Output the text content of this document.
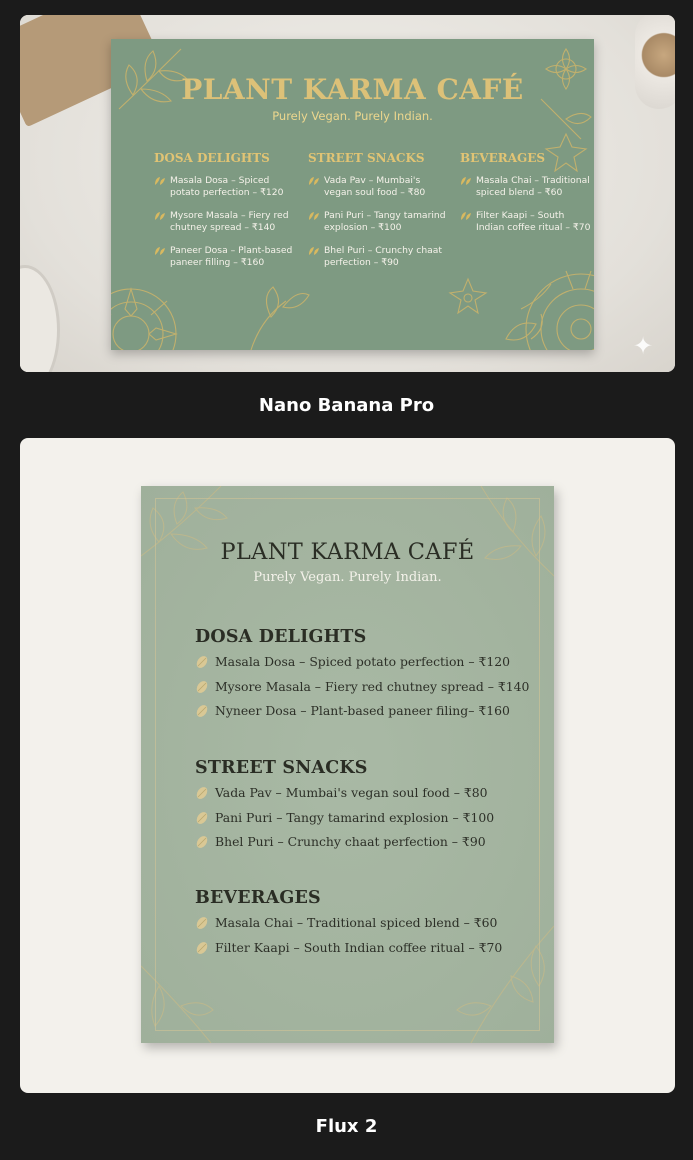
PLANT KARMA CAFÉ
Purely Vegan. Purely Indian.
DOSA DELIGHTS
Masala Dosa – Spiced
potato perfection – ₹120
Mysore Masala – Fiery red
chutney spread – ₹140
Paneer Dosa – Plant-based
paneer filling – ₹160
STREET SNACKS
Vada Pav – Mumbai's
vegan soul food – ₹80
Pani Puri – Tangy tamarind
explosion – ₹100
Bhel Puri – Crunchy chaat
perfection – ₹90
BEVERAGES
Masala Chai – Traditional
spiced blend – ₹60
Filter Kaapi – South
Indian coffee ritual – ₹70
✦
Nano Banana Pro
PLANT KARMA CAFÉ
Purely Vegan. Purely Indian.
DOSA DELIGHTS
Masala Dosa – Spiced potato perfection – ₹120
Mysore Masala – Fiery red chutney spread – ₹140
Nyneer Dosa – Plant-based paneer filing– ₹160
STREET SNACKS
Vada Pav – Mumbai's vegan soul food – ₹80
Pani Puri – Tangy tamarind explosion – ₹100
Bhel Puri – Crunchy chaat perfection – ₹90
BEVERAGES
Masala Chai – Traditional spiced blend – ₹60
Filter Kaapi – South Indian coffee ritual – ₹70
Flux 2
